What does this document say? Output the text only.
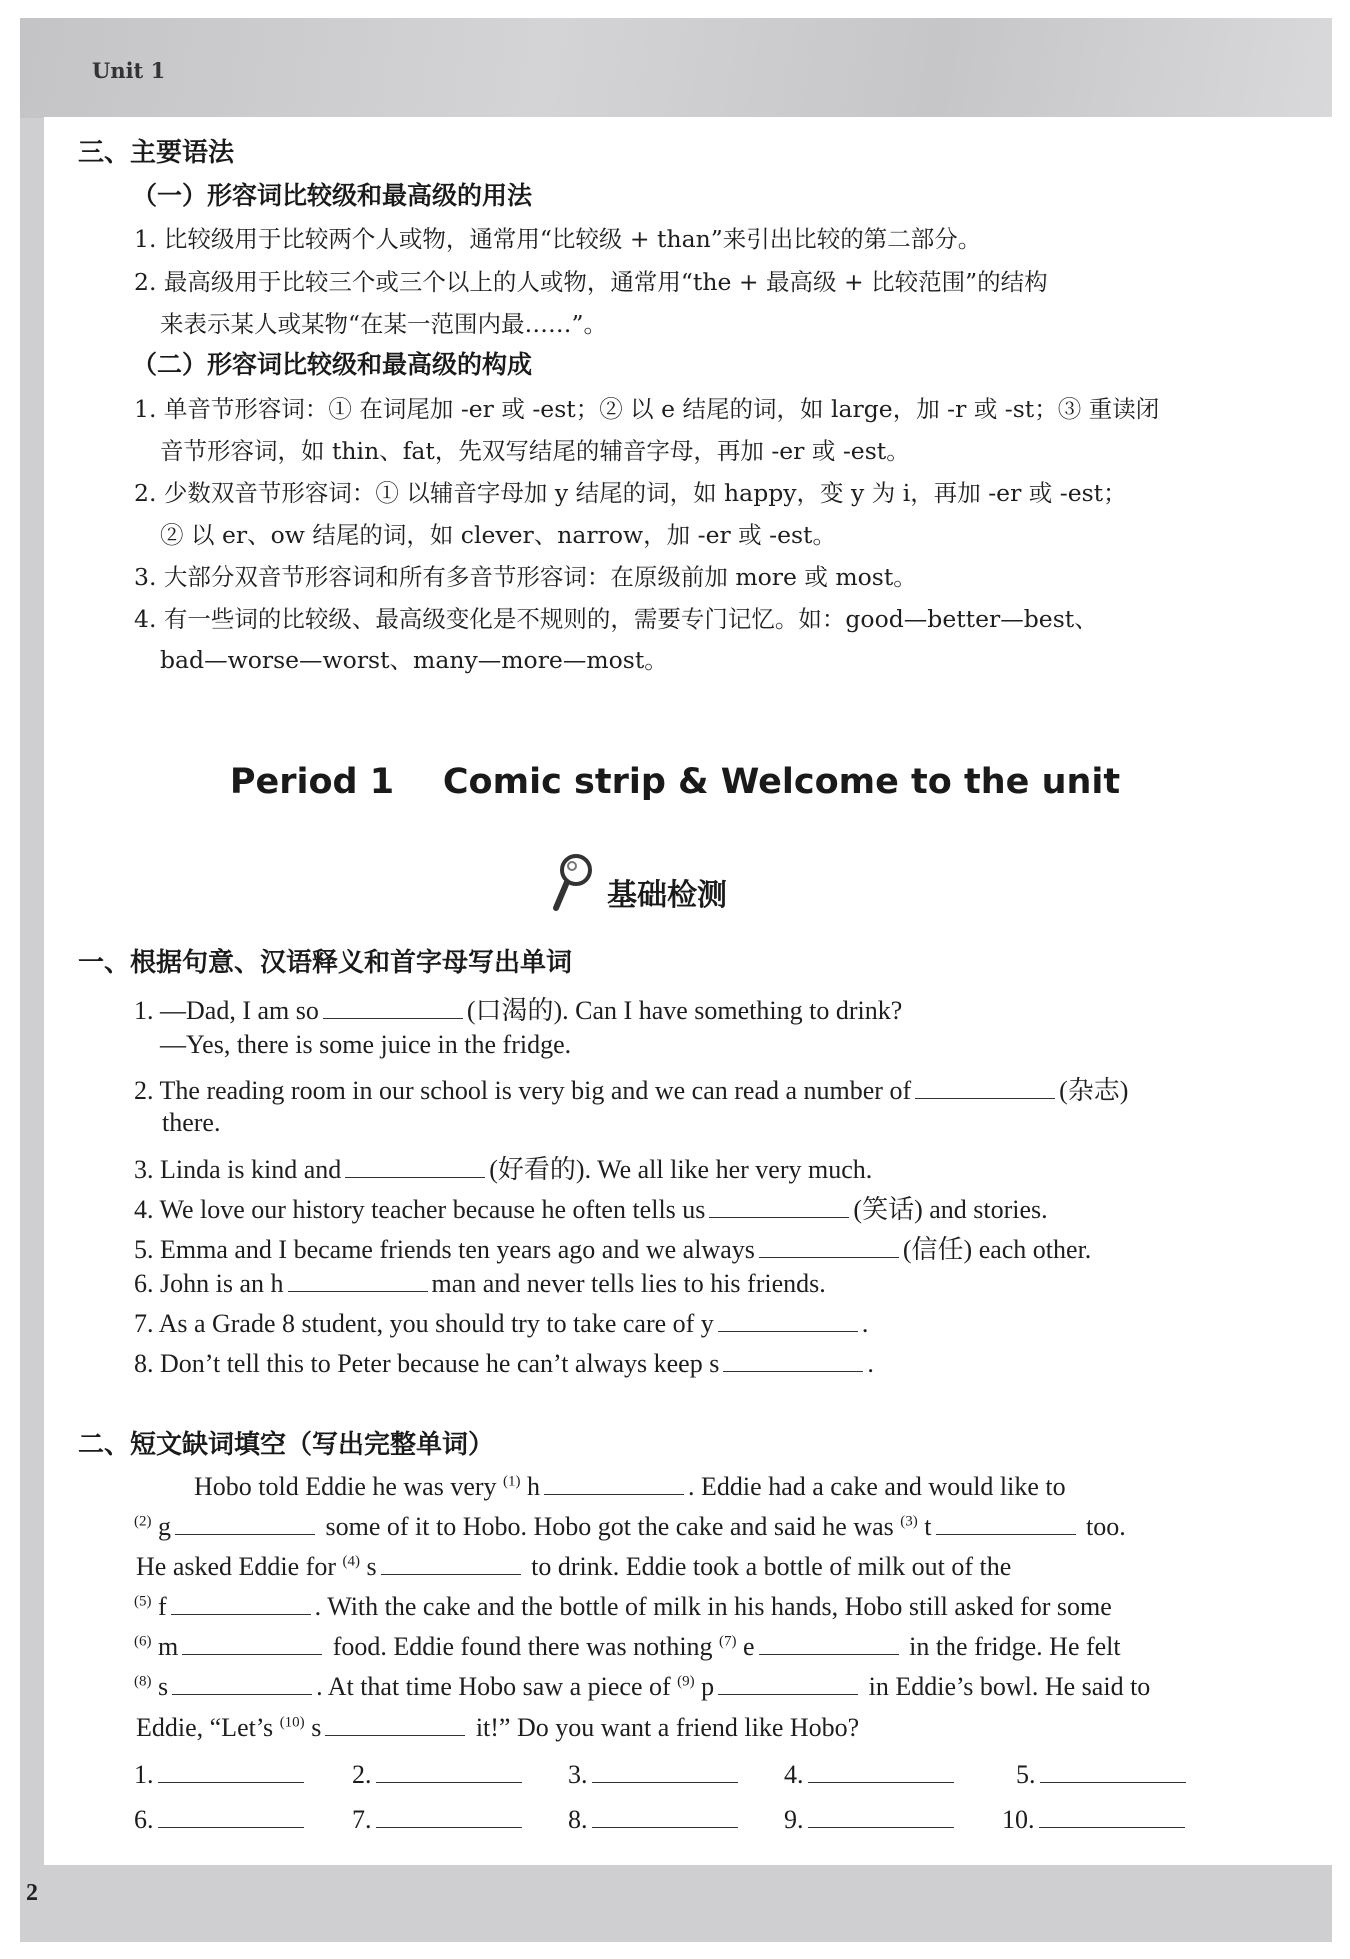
Unit 1
2
三、主要语法
（一）形容词比较级和最高级的用法
1. 比较级用于比较两个人或物，通常用“比较级 + than”来引出比较的第二部分。
2. 最高级用于比较三个或三个以上的人或物，通常用“the + 最高级 + 比较范围”的结构
来表示某人或某物“在某一范围内最……”。
（二）形容词比较级和最高级的构成
1. 单音节形容词：① 在词尾加 -er 或 -est；② 以 e 结尾的词，如 large，加 -r 或 -st；③ 重读闭
音节形容词，如 thin、fat，先双写结尾的辅音字母，再加 -er 或 -est。
2. 少数双音节形容词：① 以辅音字母加 y 结尾的词，如 happy，变 y 为 i，再加 -er 或 -est；
② 以 er、ow 结尾的词，如 clever、narrow，加 -er 或 -est。
3. 大部分双音节形容词和所有多音节形容词：在原级前加 more 或 most。
4. 有一些词的比较级、最高级变化是不规则的，需要专门记忆。如：good—better—best、
bad—worse—worst、many—more—most。
Period 1    Comic strip & Welcome to the unit
基础检测
一、根据句意、汉语释义和首字母写出单词
1. —Dad, I am so	(口渴的). Can I have something to drink?
—Yes, there is some juice in the fridge.
2. The reading room in our school is very big and we can read a number of	(杂志)
there.
3. Linda is kind and	(好看的). We all like her very much.
4. We love our history teacher because he often tells us	(笑话) and stories.
5. Emma and I became friends ten years ago and we always	(信任) each other.
6. John is an h	man and never tells lies to his friends.
7. As a Grade 8 student, you should try to take care of y	.
8. Don’t tell this to Peter because he can’t always keep s	.
二、短文缺词填空（写出完整单词）
Hobo told Eddie he was very $^{(1)}$ h	. Eddie had a cake and would like to
$^{(2)}$ g	some of it to Hobo. Hobo got the cake and said he was $^{(3)}$ t	too.
He asked Eddie for $^{(4)}$ s	to drink. Eddie took a bottle of milk out of the
$^{(5)}$ f	. With the cake and the bottle of milk in his hands, Hobo still asked for some
$^{(6)}$ m	food. Eddie found there was nothing $^{(7)}$ e	in the fridge. He felt
$^{(8)}$ s	. At that time Hobo saw a piece of $^{(9)}$ p	in Eddie’s bowl. He said to
Eddie, “Let’s $^{(10)}$ s	it!” Do you want a friend like Hobo?
1.	2.	3.	4.	5.
6.	7.	8.	9.	10.
